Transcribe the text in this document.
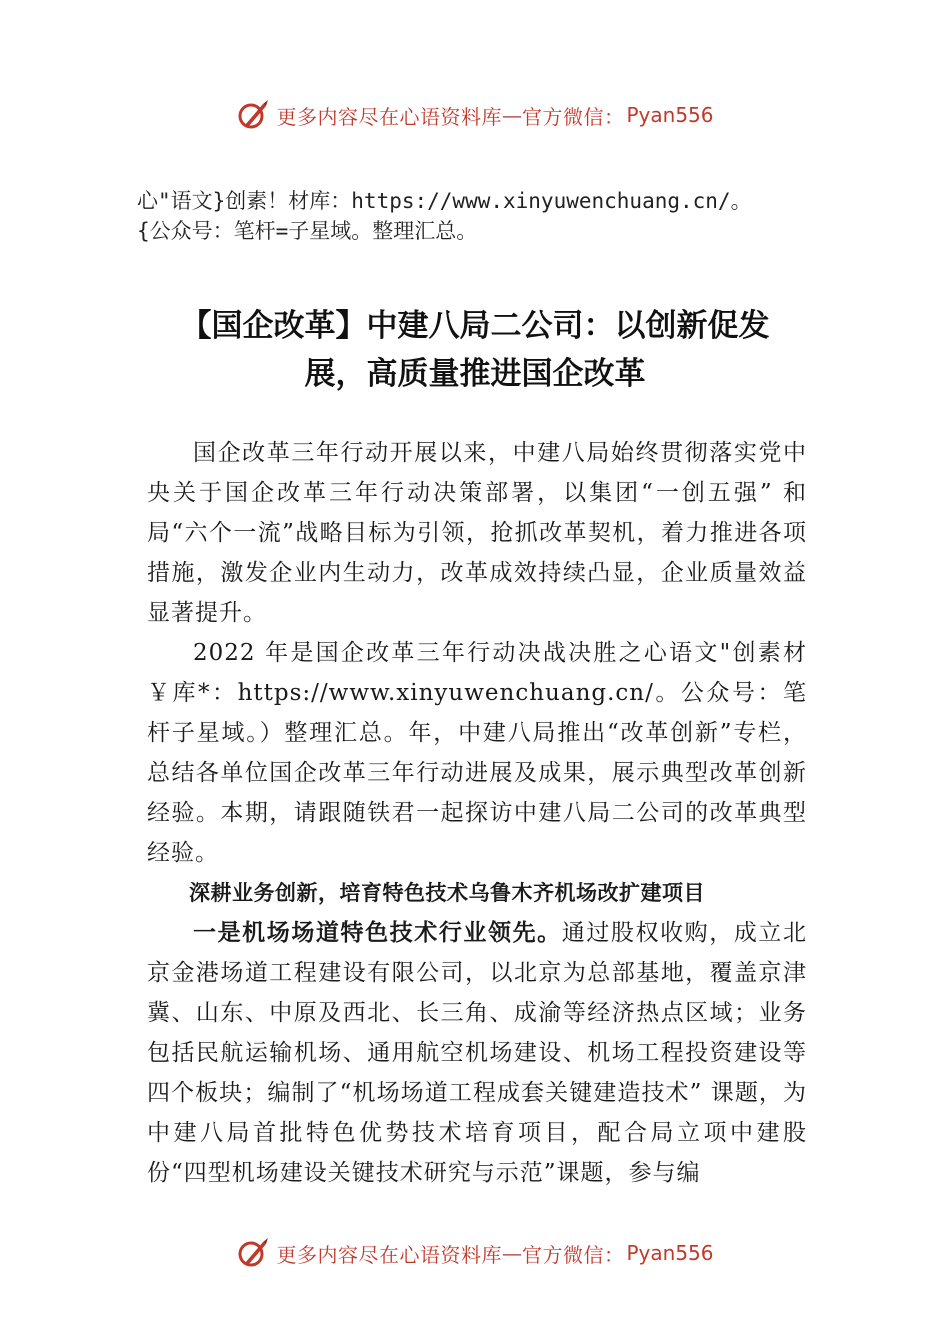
更多内容尽在心语资料库 — 官方微信： Pyan556
心"语文}创素！材库：https://www.xinyuwenchuang.cn/。
{公众号：笔杆=子星域。整理汇总。
【国企改革】中建八局二公司：以创新促发
展，高质量推进国企改革

国企改革三年行动开展以来，中建八局始终贯彻落实党中央关于国企改革三年行动决策部署，以集团“一创五强” 和局“六个一流”战略目标为引领，抢抓改革契机，着力推进各项措施，激发企业内生动力，改革成效持续凸显，企业质量效益显著提升。

2022 年是国企改革三年行动决战决胜之心语文"创素材￥库*：https://www.xinyuwenchuang.cn/。公众号：笔杆子星域。）整理汇总。年，中建八局推出“改革创新”专栏，总结各单位国企改革三年行动进展及成果，展示典型改革创新经验。本期，请跟随铁君一起探访中建八局二公司的改革典型经验。

深耕业务创新，培育特色技术乌鲁木齐机场改扩建项目

一是机场场道特色技术行业领先。通过股权收购，成立北京金港场道工程建设有限公司，以北京为总部基地，覆盖京津冀、山东、中原及西北、长三角、成渝等经济热点区域；业务包括民航运输机场、通用航空机场建设、机场工程投资建设等四个板块；编制了“机场场道工程成套关键建造技术” 课题，为中建八局首批特色优势技术培育项目，配合局立项中建股份“四型机场建设关键技术研究与示范”课题，参与编

更多内容尽在心语资料库 — 官方微信： Pyan556
